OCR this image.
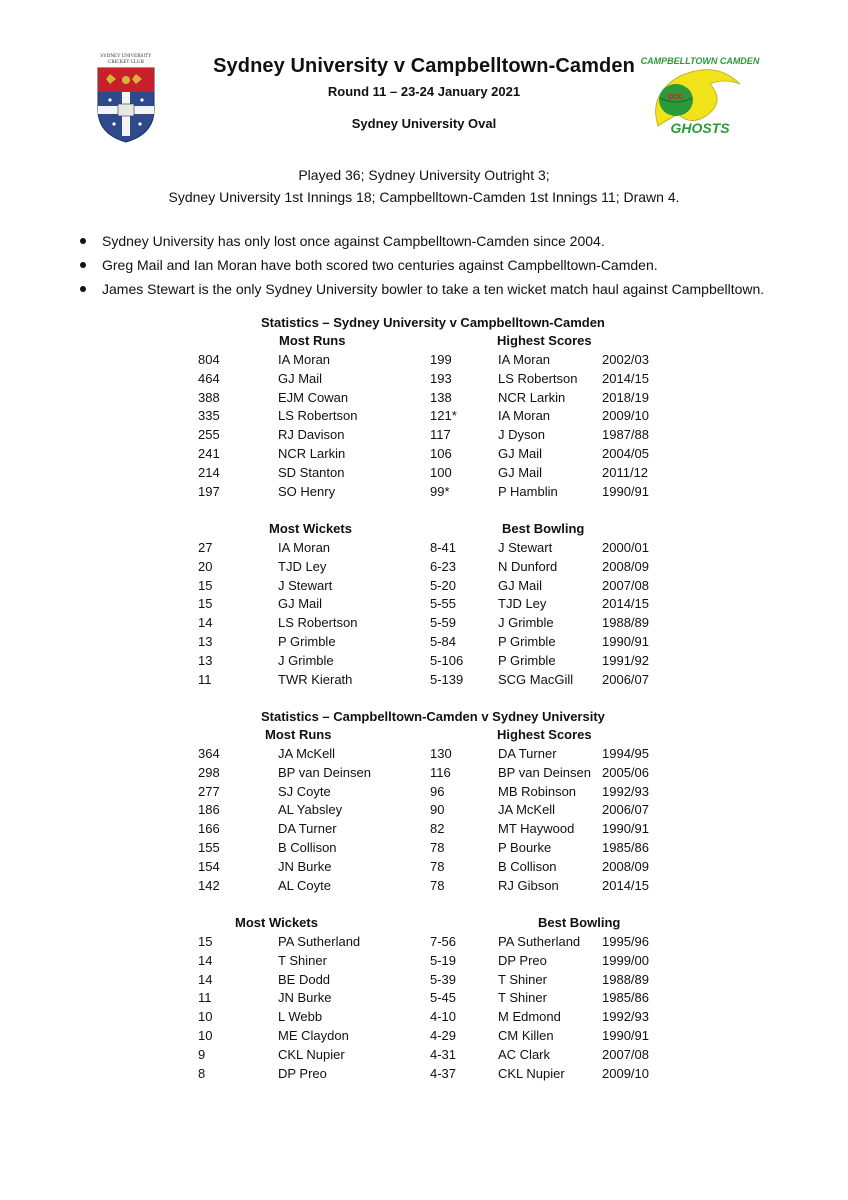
SYDNEY UNIVERSITY
CRICKET CLUB	CAMPBELLTOWN CAMDEN
DCC
GHOSTS
Sydney University v Campbelltown-Camden
Round 11 – 23-24 January 2021
Sydney University Oval
Played 36; Sydney University Outright 3;
Sydney University 1st Innings 18; Campbelltown-Camden 1st Innings 11; Drawn 4.
Sydney University has only lost once against Campbelltown-Camden since 2004.
Greg Mail and Ian Moran have both scored two centuries against Campbelltown-Camden.
James Stewart is the only Sydney University bowler to take a ten wicket match haul against Campbelltown.
Statistics – Sydney University v Campbelltown-Camden
Most Runs	Highest Scores
804	IA Moran	199	IA Moran	2002/03
464	GJ Mail	193	LS Robertson 2014/15
388	EJM Cowan	138	NCR Larkin	2018/19
335	LS Robertson	121*	IA Moran	2009/10
255	RJ Davison	117	J Dyson	1987/88
241	NCR Larkin	106	GJ Mail	2004/05
214	SD Stanton	100	GJ Mail	2011/12
197	SO Henry	99*	P Hamblin	1990/91
Most Wickets	Best Bowling
27	IA Moran	8-41	J Stewart	2000/01
20	TJD Ley	6-23	N Dunford	2008/09
15	J Stewart	5-20	GJ Mail	2007/08
15	GJ Mail	5-55	TJD Ley	2014/15
14	LS Robertson	5-59	J Grimble	1988/89
13	P Grimble	5-84	P Grimble	1990/91
13	J Grimble	5-106	P Grimble	1991/92
11	TWR Kierath	5-139	SCG MacGill 2006/07
Statistics – Campbelltown-Camden v Sydney University
Most Runs	Highest Scores
364	JA McKell	130	DA Turner	1994/95
298	BP van Deinsen	116	BP van Deinsen 2005/06
277	SJ Coyte	96	MB Robinson 1992/93
186	AL Yabsley	90	JA McKell	2006/07
166	DA Turner	82	MT Haywood 1990/91
155	B Collison	78	P Bourke	1985/86
154	JN Burke	78	B Collison	2008/09
142	AL Coyte	78	RJ Gibson	2014/15
Most Wickets	Best Bowling
15	PA Sutherland	7-56	PA Sutherland 1995/96
14	T Shiner	5-19	DP Preo	1999/00
14	BE Dodd	5-39	T Shiner	1988/89
11	JN Burke	5-45	T Shiner	1985/86
10	L Webb	4-10	M Edmond	1992/93
10	ME Claydon	4-29	CM Killen	1990/91
9	CKL Nupier	4-31	AC Clark	2007/08
8	DP Preo	4-37	CKL Nupier	2009/10
